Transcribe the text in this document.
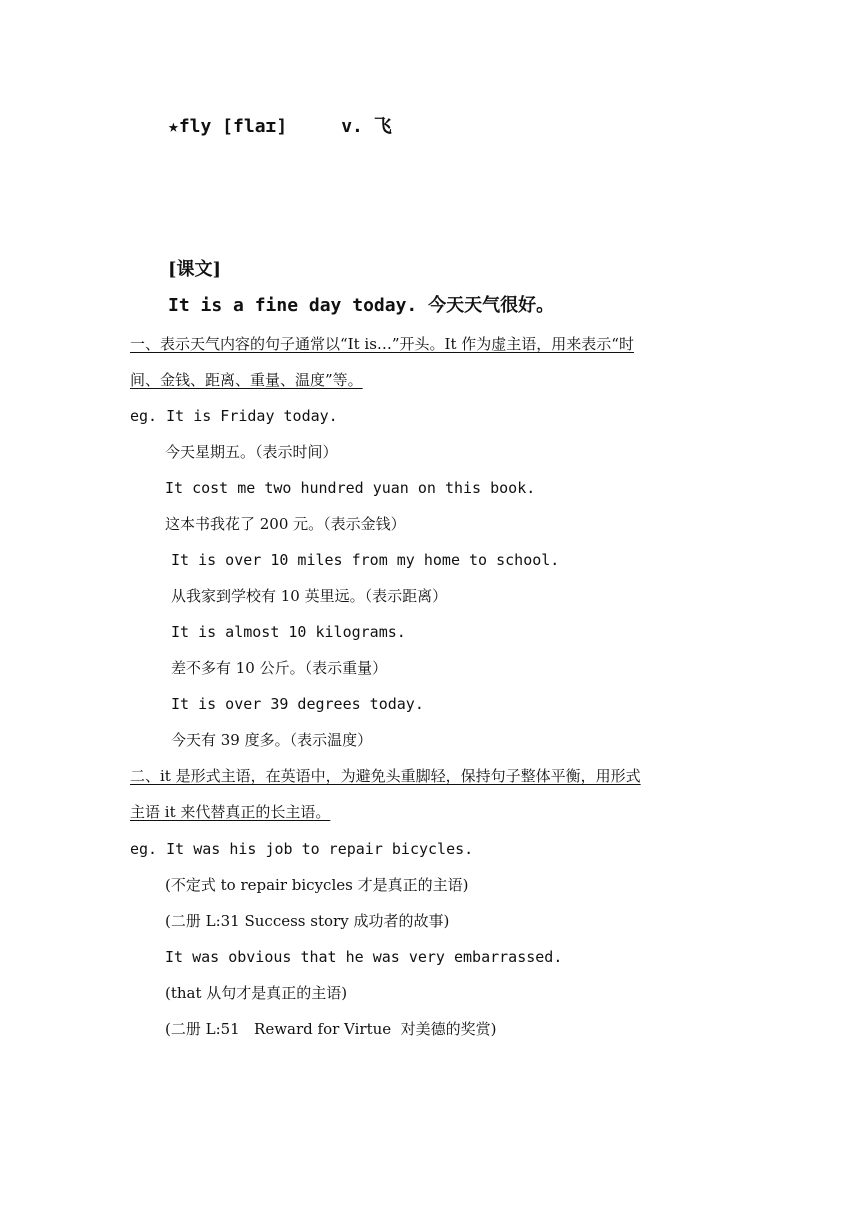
★fly [flaɪ]	v. 飞
[课文]
It is a fine day today. 今天天气很好。
一、表示天气内容的句子通常以“It is…”开头。It 作为虚主语，用来表示“时
间、金钱、距离、重量、温度”等。
eg. It is Friday today.
今天星期五。（表示时间）
It cost me two hundred yuan on this book.
这本书我花了 200 元。（表示金钱）
It is over 10 miles from my home to school.
从我家到学校有 10 英里远。（表示距离）
It is almost 10 kilograms.
差不多有 10 公斤。（表示重量）
It is over 39 degrees today.
今天有 39 度多。（表示温度）
二、it 是形式主语，在英语中，为避免头重脚轻，保持句子整体平衡，用形式
主语 it 来代替真正的长主语。
eg. It was his job to repair bicycles.
(不定式 to repair bicycles 才是真正的主语)
(二册 L:31 Success story 成功者的故事)
It was obvious that he was very embarrassed.
(that 从句才是真正的主语)
(二册 L:51   Reward for Virtue  对美德的奖赏)
